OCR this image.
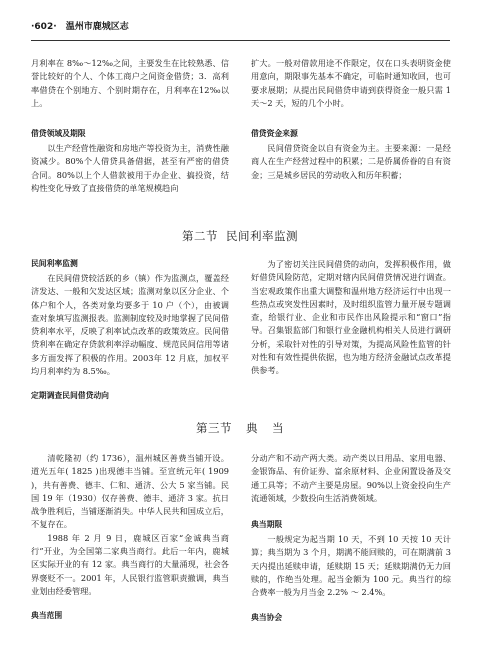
·602· 温州市鹿城区志

月利率在 8‰～12‰之间，主要发生在比较熟悉、信誉比较好的个人、个体工商户之间资金借贷；3．高利率借贷在个别地方、个别时期存在，月利率在12‰以上。

借贷领域及期限

以生产经营性融资和房地产等投资为主，消费性融资减少。80%个人借贷具备借据，甚至有严密的借贷合同。80%以上个人借款被用于办企业、搞投资，结构性变化导致了直接借贷的单笔规模趋向

扩大。一般对借款用途不作限定，仅在口头表明资金使用意向，期限事先基本不确定，可临时通知收回，也可要求展期；从提出民间借贷申请到获得资金一般只需 1 天～2 天，短的几个小时。

借贷资金来源

民间借贷资金以自有资金为主。主要来源：一是经商人在生产经营过程中的积累；二是侨属侨眷的自有资金；三是城乡居民的劳动收入和历年积蓄；

第二节 民间利率监测
民间利率监测

在民间借贷较活跃的乡（镇）作为监测点，覆盖经济发达、一般和欠发达区域；监测对象以区分企业、个体户和个人，各类对象均要多于 10 户（个），由被调查对象填写监测报表。监测制度较及时地掌握了民间借贷利率水平，反映了利率试点改革的政策效应。民间借贷利率在确定存贷款利率浮动幅度、规范民间信用等诸多方面发挥了积极的作用。2003年 12 月底，加权平均月利率约为 8.5‰。

定期调查民间借贷动向

为了密切关注民间借贷的动向，发挥积极作用，做好借贷风险防范，定期对辖内民间借贷情况进行调查。当宏观政策作出重大调整和温州地方经济运行中出现一些热点或突发性因素时，及时组织监管力量开展专题调查，给银行业、企业和市民作出风险提示和“窗口”指导。召集银监部门和银行业金融机构相关人员进行调研分析，采取针对性的引导对策，为提高风险性监管的针对性和有效性提供依据，也为地方经济金融试点改革提供参考。

第三节 典 当

清乾隆初（约 1736），温州城区善费当铺开设。道光五年( 1825 )出现德丰当铺。至宣统元年( 1909 )，共有善费、德丰、仁和、通济、公大 5 家当铺。民国 19 年（1930）仅存善费、德丰、通济 3 家。抗日战争胜利后，当铺逐渐消失。中华人民共和国成立后，不复存在。

1988 年 2 月 9 日，鹿城区百家“金诚典当商行”开业，为全国第二家典当商行。此后一年内，鹿城区实际开业的有 12 家。典当商行的大量涌现，社会各界褒贬不一。2001 年，人民银行监管职责撤调，典当业划由经委管理。

典当范围

分动产和不动产两大类。动产类以日用品、家用电器、金银饰品、有价证券、富余原材料、企业闲置设备及交通工具等；不动产主要是房屋。90%以上资金投向生产流通领域，少数投向生活消费领域。

典当期限

一般规定为起当期 10 天，不到 10 天按 10 天计算；典当期为 3 个月，期满不能回赎的，可在期满前 3 天内提出延赎申请，延赎期 15 天；延赎期满仍无力回赎的，作绝当处理。起当金额为 100 元。典当行的综合费率一般为月当金 2.2% ～ 2.4%。

典当协会
